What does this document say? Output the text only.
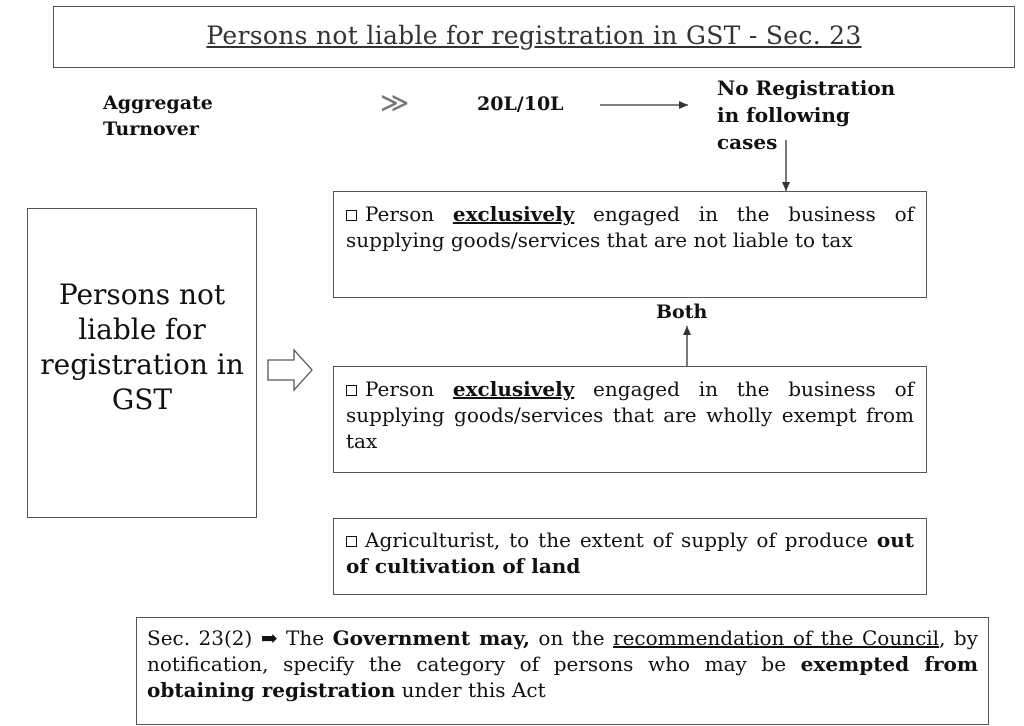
Persons not liable for registration in GST - Sec. 23
Aggregate
Turnover
≫	20L/10L
No Registration
in following
cases
Persons not liable for registration in GST
Person exclusively engaged in the business of supplying goods/services that are not liable to tax
Both
Person exclusively engaged in the business of supplying goods/services that are wholly exempt from tax
Agriculturist, to the extent of supply of produce out of cultivation of land
Sec. 23(2) ➡ The Government may, on the recommendation of the Council, by notification, specify the category of persons who may be exempted from obtaining registration under this Act
